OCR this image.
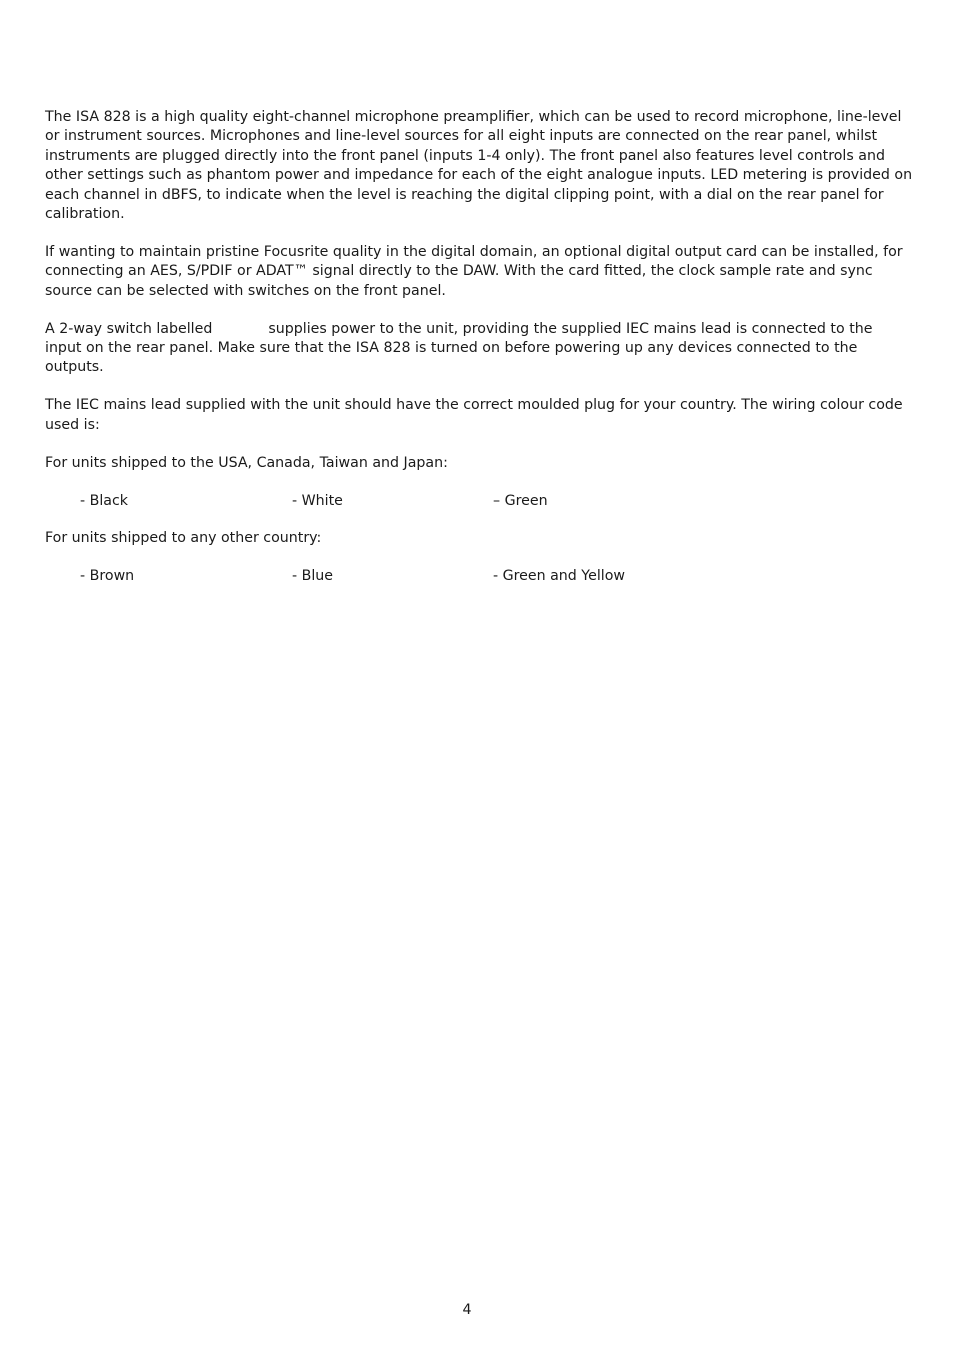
The ISA 828 is a high quality eight-channel microphone preamplifier, which can be used to record microphone, line-level or instrument sources. Microphones and line-level sources for all eight inputs are connected on the rear panel, whilst instruments are plugged directly into the front panel (inputs 1-4 only). The front panel also features level controls and other settings such as phantom power and impedance for each of the eight analogue inputs. LED metering is provided on each channel in dBFS, to indicate when the level is reaching the digital clipping point, with a dial on the rear panel for calibration.

If wanting to maintain pristine Focusrite quality in the digital domain, an optional digital output card can be installed, for connecting an AES, S/PDIF or ADAT™ signal directly to the DAW. With the card fitted, the clock sample rate and sync source can be selected with switches on the front panel.

A 2-way switch labelled	supplies power to the unit, providing the supplied IEC mains lead is connected to the input on the rear panel. Make sure that the ISA 828 is turned on before powering up any devices connected to the outputs.

The IEC mains lead supplied with the unit should have the correct moulded plug for your country. The wiring colour code used is:

For units shipped to the USA, Canada, Taiwan and Japan:
- Black	- White	– Green
For units shipped to any other country:
- Brown	- Blue	- Green and Yellow
4
